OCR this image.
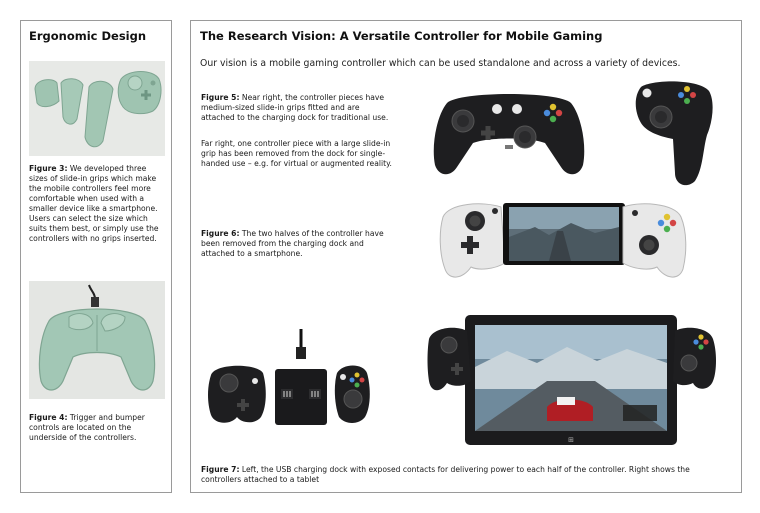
Ergonomic Design
Figure 3: We developed three sizes of slide-in grips which make the mobile controllers feel more comfortable when used with a smaller device like a smartphone. Users can select the size which suits them best, or simply use the controllers with no grips inserted.
Figure 4: Trigger and bumper controls are located on the underside of the controllers.
The Research Vision: A Versatile Controller for Mobile Gaming
Our vision is a mobile gaming controller which can be used standalone and across a variety of devices.
Figure 5: Near right, the controller pieces have medium-sized slide-in grips fitted and are attached to the charging dock for traditional use.
Far right, one controller piece with a large slide-in grip has been removed from the dock for single-handed use – e.g. for virtual or augmented reality.
Figure 6: The two halves of the controller have been removed from the charging dock and attached to a smartphone.
⊞
Figure 7: Left, the USB charging dock with exposed contacts for delivering power to each half of the controller. Right shows the controllers attached to a tablet
